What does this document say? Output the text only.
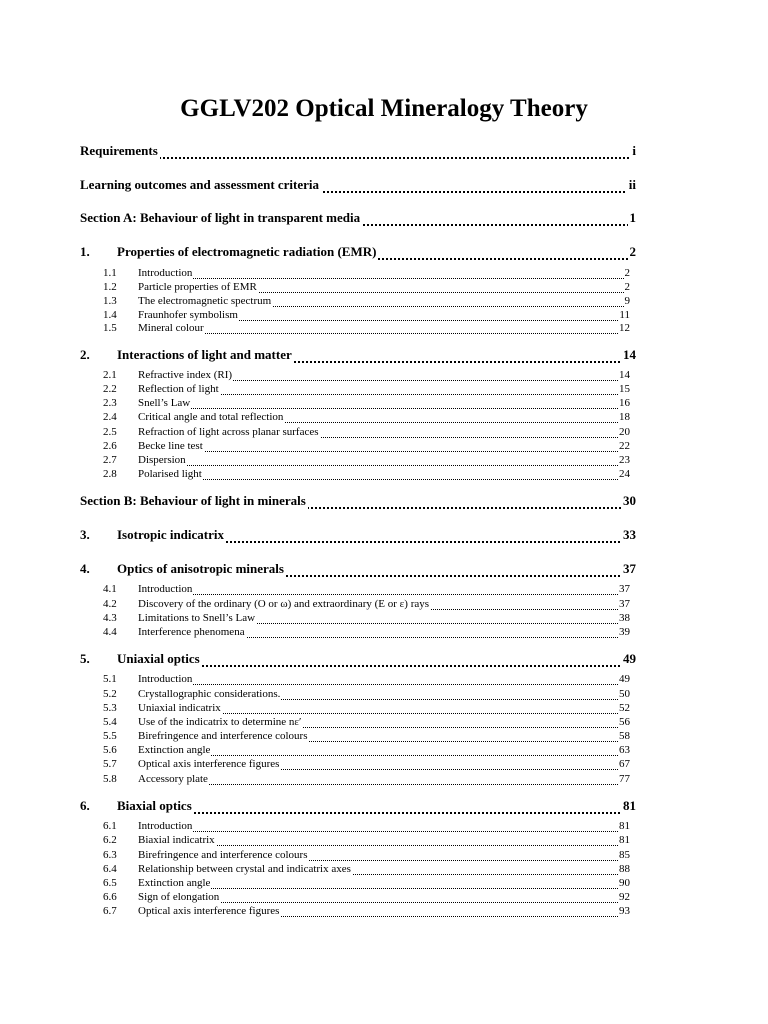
GGLV202 Optical Mineralogy Theory
Requirements	i
Learning outcomes and assessment criteria	ii
Section A: Behaviour of light in transparent media	1
1. Properties of electromagnetic radiation (EMR)	2
1.1 Introduction	2
1.2 Particle properties of EMR	2
1.3 The electromagnetic spectrum	9
1.4 Fraunhofer symbolism	11
1.5 Mineral colour	12
2. Interactions of light and matter	14
2.1 Refractive index (RI)	14
2.2 Reflection of light	15
2.3 Snell’s Law	16
2.4 Critical angle and total reflection	18
2.5 Refraction of light across planar surfaces	20
2.6 Becke line test	22
2.7 Dispersion	23
2.8 Polarised light	24
Section B: Behaviour of light in minerals	30
3. Isotropic indicatrix	33
4. Optics of anisotropic minerals	37
4.1 Introduction	37
4.2 Discovery of the ordinary (O or ω) and extraordinary (E or ε) rays	37
4.3 Limitations to Snell’s Law	38
4.4 Interference phenomena	39
5. Uniaxial optics	49
5.1 Introduction	49
5.2 Crystallographic considerations.	50
5.3 Uniaxial indicatrix	52
5.4 Use of the indicatrix to determine nε′	56
5.5 Birefringence and interference colours	58
5.6 Extinction angle	63
5.7 Optical axis interference figures	67
5.8 Accessory plate	77
6. Biaxial optics	81
6.1 Introduction	81
6.2 Biaxial indicatrix	81
6.3 Birefringence and interference colours	85
6.4 Relationship between crystal and indicatrix axes	88
6.5 Extinction angle	90
6.6 Sign of elongation	92
6.7 Optical axis interference figures	93
